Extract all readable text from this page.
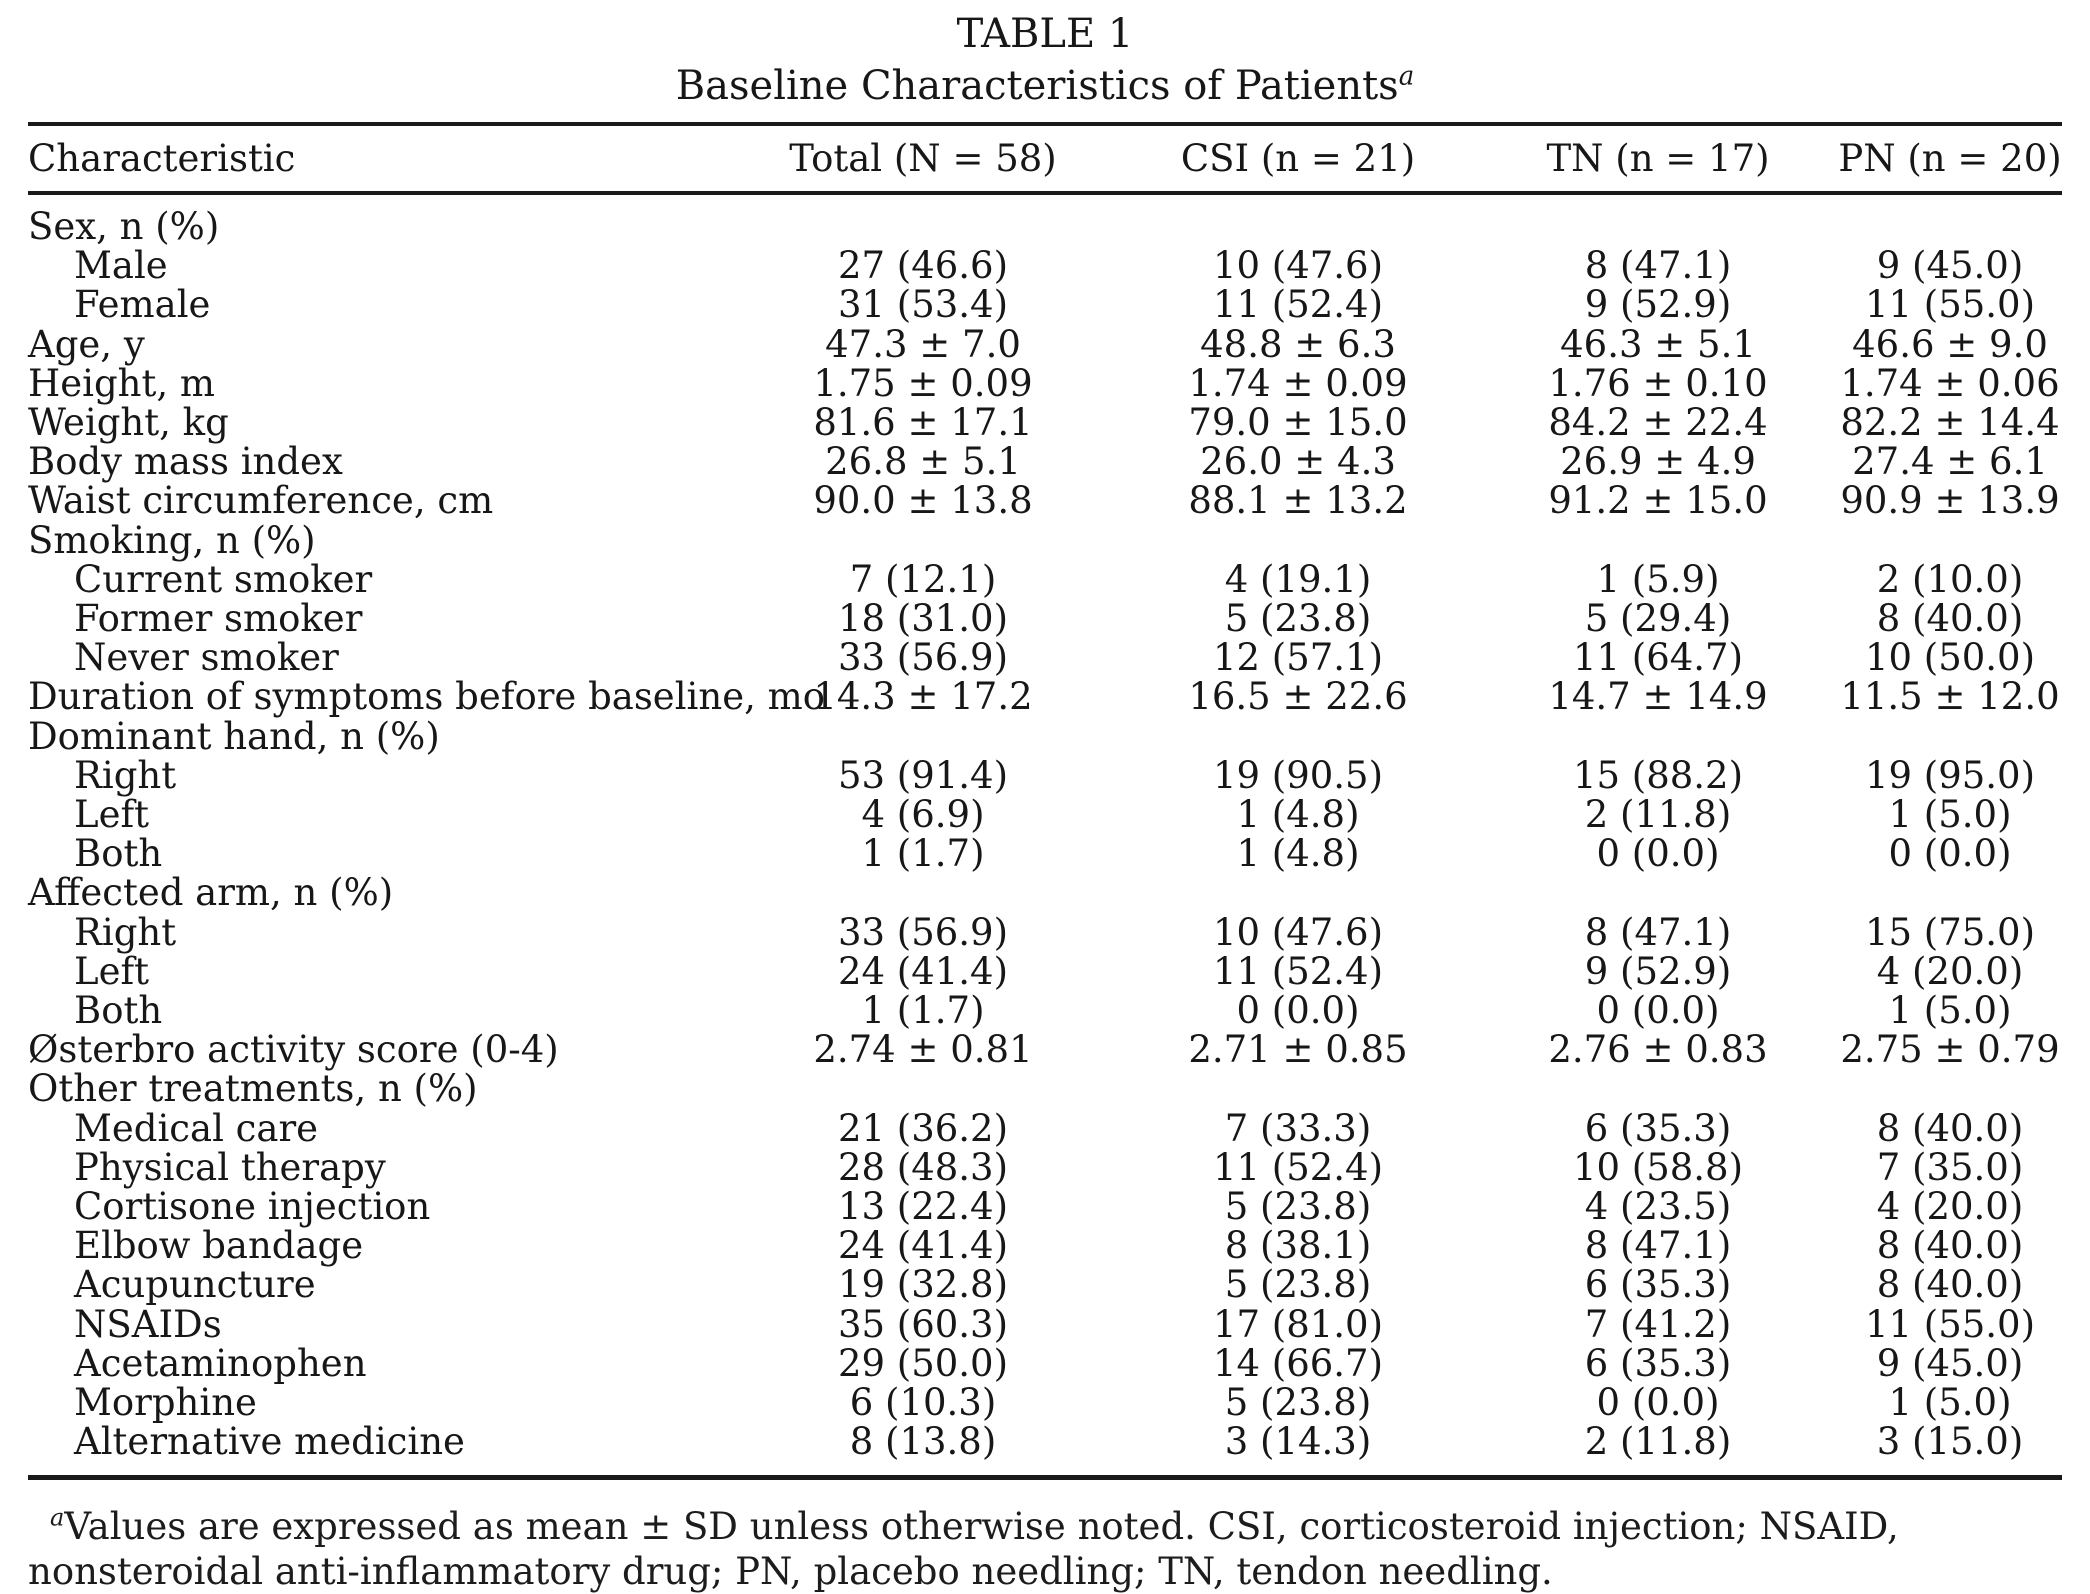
TABLE 1
Baseline Characteristics of Patients$^a$
Characteristic	Total (N = 58)	CSI (n = 21)	TN (n = 17)	PN (n = 20)
Sex, n (%)				
Male	27 (46.6)	10 (47.6)	8 (47.1)	9 (45.0)
Female	31 (53.4)	11 (52.4)	9 (52.9)	11 (55.0)
Age, y	47.3 ± 7.0	48.8 ± 6.3	46.3 ± 5.1	46.6 ± 9.0
Height, m	1.75 ± 0.09	1.74 ± 0.09	1.76 ± 0.10	1.74 ± 0.06
Weight, kg	81.6 ± 17.1	79.0 ± 15.0	84.2 ± 22.4	82.2 ± 14.4
Body mass index	26.8 ± 5.1	26.0 ± 4.3	26.9 ± 4.9	27.4 ± 6.1
Waist circumference, cm	90.0 ± 13.8	88.1 ± 13.2	91.2 ± 15.0	90.9 ± 13.9
Smoking, n (%)				
Current smoker	7 (12.1)	4 (19.1)	1 (5.9)	2 (10.0)
Former smoker	18 (31.0)	5 (23.8)	5 (29.4)	8 (40.0)
Never smoker	33 (56.9)	12 (57.1)	11 (64.7)	10 (50.0)
Duration of symptoms before baseline, mo	14.3 ± 17.2	16.5 ± 22.6	14.7 ± 14.9	11.5 ± 12.0
Dominant hand, n (%)				
Right	53 (91.4)	19 (90.5)	15 (88.2)	19 (95.0)
Left	4 (6.9)	1 (4.8)	2 (11.8)	1 (5.0)
Both	1 (1.7)	1 (4.8)	0 (0.0)	0 (0.0)
Affected arm, n (%)				
Right	33 (56.9)	10 (47.6)	8 (47.1)	15 (75.0)
Left	24 (41.4)	11 (52.4)	9 (52.9)	4 (20.0)
Both	1 (1.7)	0 (0.0)	0 (0.0)	1 (5.0)
Østerbro activity score (0-4)	2.74 ± 0.81	2.71 ± 0.85	2.76 ± 0.83	2.75 ± 0.79
Other treatments, n (%)				
Medical care	21 (36.2)	7 (33.3)	6 (35.3)	8 (40.0)
Physical therapy	28 (48.3)	11 (52.4)	10 (58.8)	7 (35.0)
Cortisone injection	13 (22.4)	5 (23.8)	4 (23.5)	4 (20.0)
Elbow bandage	24 (41.4)	8 (38.1)	8 (47.1)	8 (40.0)
Acupuncture	19 (32.8)	5 (23.8)	6 (35.3)	8 (40.0)
NSAIDs	35 (60.3)	17 (81.0)	7 (41.2)	11 (55.0)
Acetaminophen	29 (50.0)	14 (66.7)	6 (35.3)	9 (45.0)
Morphine	6 (10.3)	5 (23.8)	0 (0.0)	1 (5.0)
Alternative medicine	8 (13.8)	3 (14.3)	2 (11.8)	3 (15.0)
$^a$Values are expressed as mean ± SD unless otherwise noted. CSI, corticosteroid injection; NSAID, nonsteroidal anti-inflammatory drug; PN, placebo needling; TN, tendon needling.
